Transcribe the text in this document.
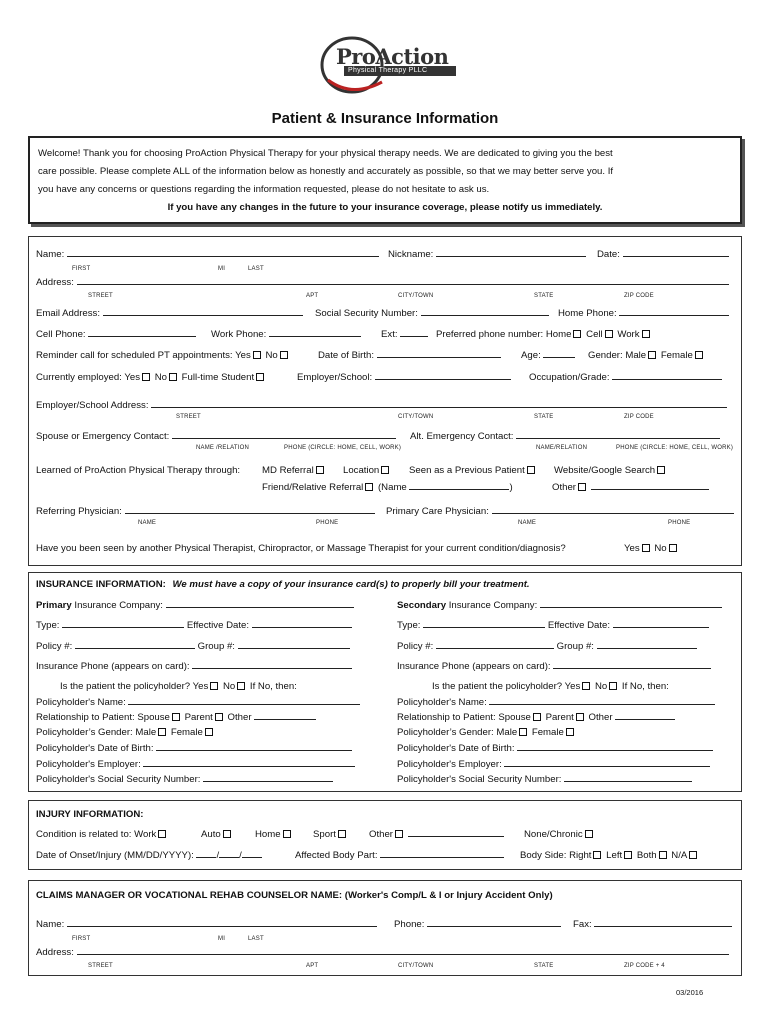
ProAction
Physical Therapy PLLC
Patient & Insurance Information
Welcome! Thank you for choosing ProAction Physical Therapy for your physical therapy needs. We are dedicated to giving you the best
care possible. Please complete ALL of the information below as honestly and accurately as possible, so that we may better serve you. If
you have any concerns or questions regarding the information requested, please do not hesitate to ask us.
If you have any changes in the future to your insurance coverage, please notify us immediately.
Name:	Nickname:	Date:
FIRST	MI	LAST
Address:
STREET	APT	CITY/TOWN	STATE	ZIP CODE
Email Address:	Social Security Number:	Home Phone:
Cell Phone:	Work Phone:	Ext:	Preferred phone number: Home Cell Work
Reminder call for scheduled PT appointments: Yes No	Date of Birth:	Age:	Gender: Male Female
Currently employed: Yes No Full-time Student	Employer/School:	Occupation/Grade:
Employer/School Address:
STREET	CITY/TOWN	STATE	ZIP CODE
Spouse or Emergency Contact:	Alt. Emergency Contact:
NAME /RELATION	PHONE (CIRCLE: HOME, CELL, WORK)	NAME/RELATION	PHONE (CIRCLE: HOME, CELL, WORK)
Learned of ProAction Physical Therapy through: MD Referral	Location	Seen as a Previous Patient	Website/Google Search
Friend/Relative Referral (Name	)	Other
Referring Physician:	Primary Care Physician:
NAME	PHONE	NAME	PHONE
Have you been seen by another Physical Therapist, Chiropractor, or Massage Therapist for your current condition/diagnosis?	Yes No
INSURANCE INFORMATION: We must have a copy of your insurance card(s) to properly bill your treatment.
Primary Insurance Company:
Type:	Effective Date:
Policy #:	Group #:
Insurance Phone (appears on card):
Is the patient the policyholder? Yes No If No, then:
Policyholder's Name:
Relationship to Patient: Spouse Parent Other
Policyholder’s Gender: Male Female
Policyholder's Date of Birth:
Policyholder's Employer:
Policyholder's Social Security Number:
Secondary Insurance Company:
Type:	Effective Date:
Policy #:	Group #:
Insurance Phone (appears on card):
Is the patient the policyholder? Yes No If No, then:
Policyholder's Name:
Relationship to Patient: Spouse Parent Other
Policyholder’s Gender: Male Female
Policyholder's Date of Birth:
Policyholder's Employer:
Policyholder's Social Security Number:
INJURY INFORMATION:
Condition is related to: Work	Auto	Home	Sport	Other	None/Chronic
Date of Onset/Injury (MM/DD/YYYY): / /	Affected Body Part:	Body Side: Right Left Both N/A
CLAIMS MANAGER OR VOCATIONAL REHAB COUNSELOR NAME: (Worker's Comp/L & I or Injury Accident Only)
Name:	Phone:	Fax:
FIRST	MI	LAST
Address:
STREET	APT	CITY/TOWN	STATE	ZIP CODE + 4
03/2016
